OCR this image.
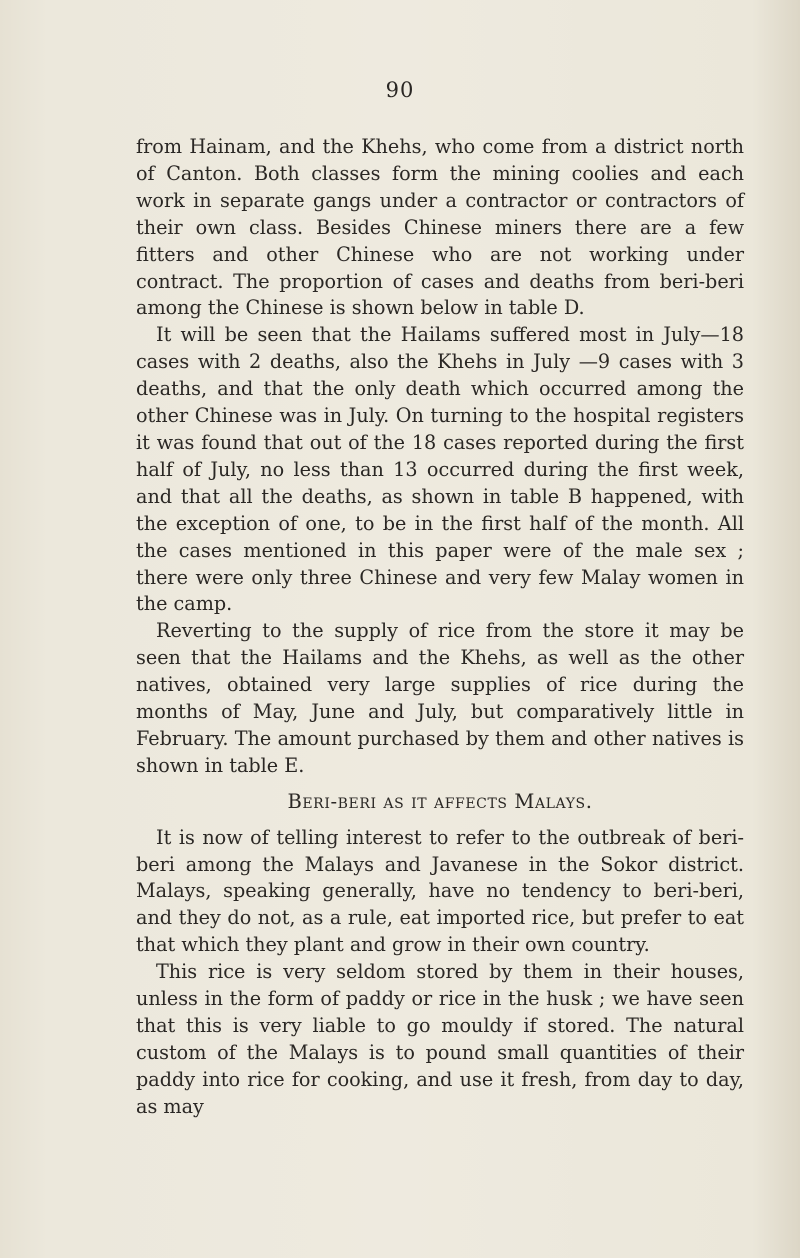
90

from Hainam, and the Khehs, who come from a district north of Canton. Both classes form the mining coolies and each work in separate gangs under a contractor or contractors of their own class. Besides Chinese miners there are a few fitters and other Chinese who are not working under contract. The proportion of cases and deaths from beri-beri among the Chinese is shown below in table D.

It will be seen that the Hailams suffered most in July—18 cases with 2 deaths, also the Khehs in July —9 cases with 3 deaths, and that the only death which occurred among the other Chinese was in July. On turning to the hospital registers it was found that out of the 18 cases reported during the first half of July, no less than 13 occurred during the first week, and that all the deaths, as shown in table B happened, with the exception of one, to be in the first half of the month. All the cases mentioned in this paper were of the male sex ; there were only three Chinese and very few Malay women in the camp.

Reverting to the supply of rice from the store it may be seen that the Hailams and the Khehs, as well as the other natives, obtained very large supplies of rice during the months of May, June and July, but comparatively little in February. The amount purchased by them and other natives is shown in table E.

Beri-beri as it affects Malays.

It is now of telling interest to refer to the outbreak of beri-beri among the Malays and Javanese in the Sokor district. Malays, speaking generally, have no tendency to beri-beri, and they do not, as a rule, eat imported rice, but prefer to eat that which they plant and grow in their own country.

This rice is very seldom stored by them in their houses, unless in the form of paddy or rice in the husk ; we have seen that this is very liable to go mouldy if stored. The natural custom of the Malays is to pound small quantities of their paddy into rice for cooking, and use it fresh, from day to day, as may
